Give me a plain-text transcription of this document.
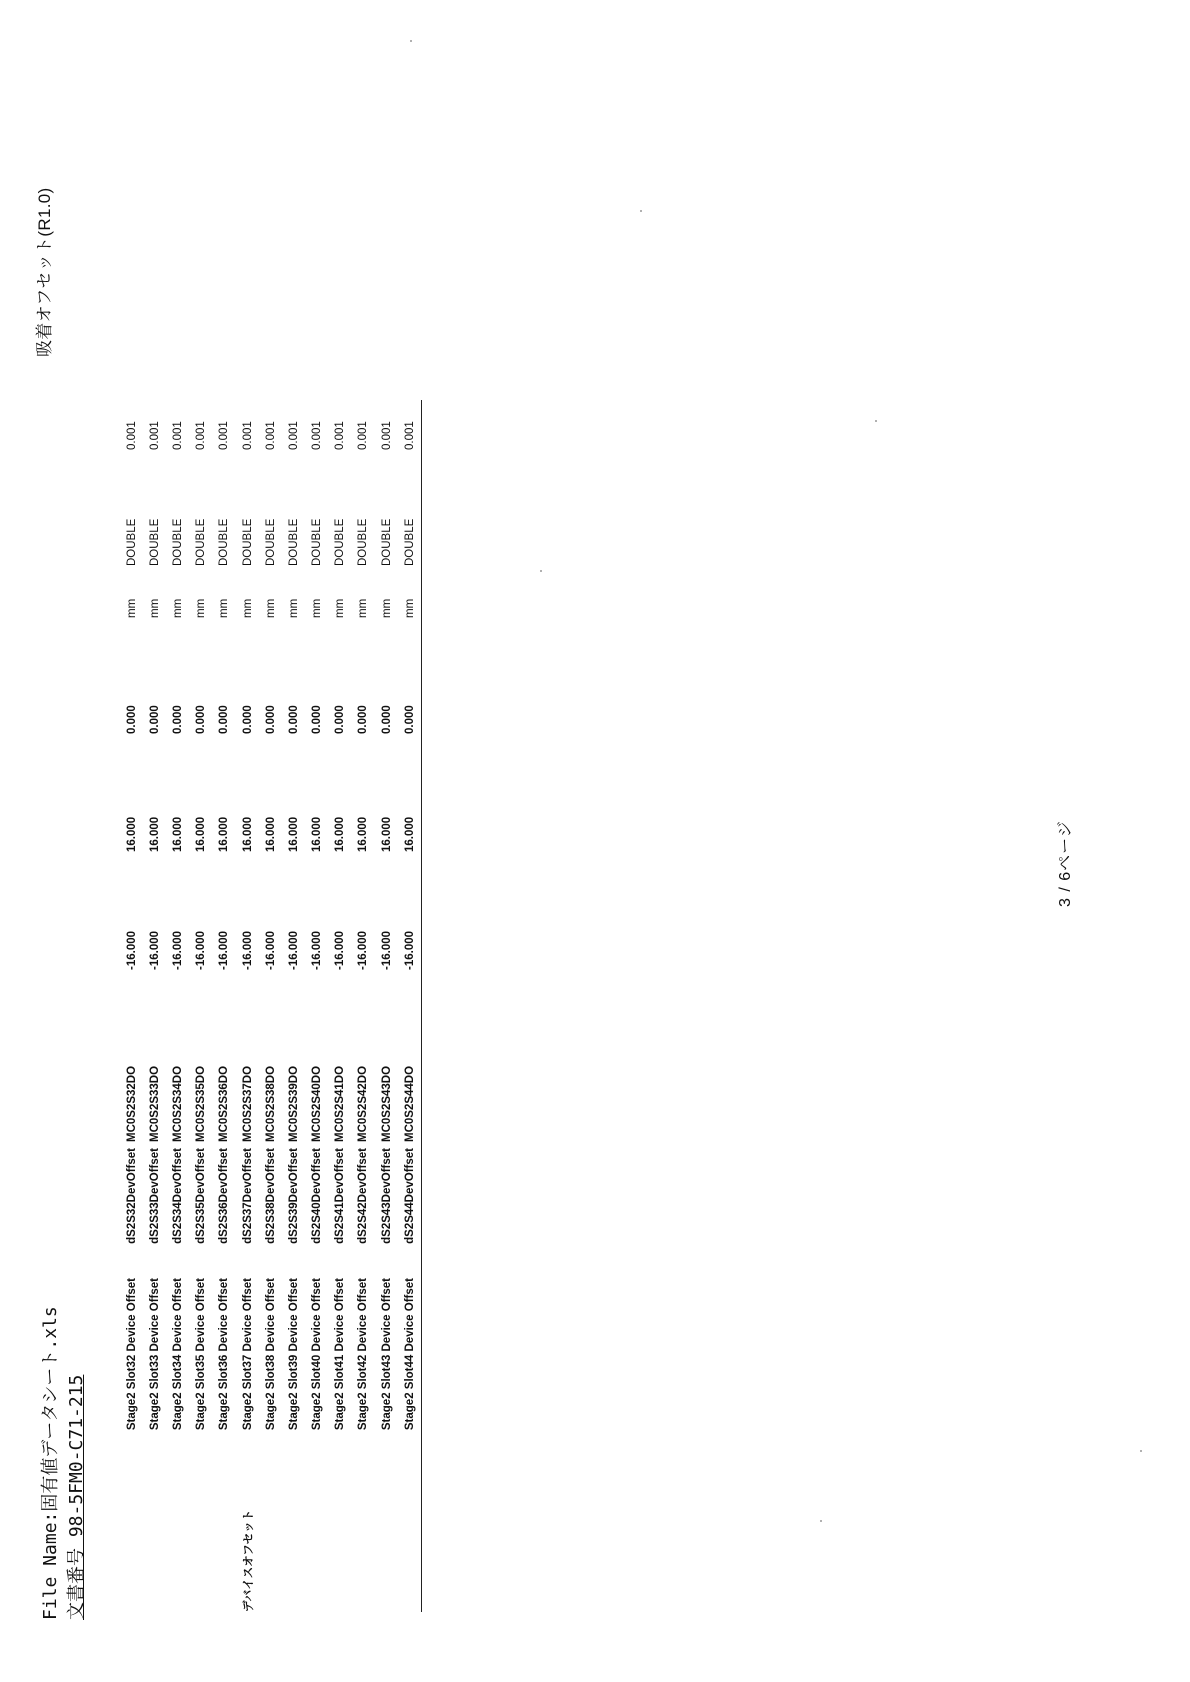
吸着オフセット(R1.0)
File Name:固有値データシート.xls 文書番号 98-5FM0-C71-215
	Stage2 Slot32 Device Offset	dS2S32DevOffset	MC0S2S32DO	-16.000	16.000	0.000	mm	DOUBLE	0.001
	Stage2 Slot33 Device Offset	dS2S33DevOffset	MC0S2S33DO	-16.000	16.000	0.000	mm	DOUBLE	0.001
	Stage2 Slot34 Device Offset	dS2S34DevOffset	MC0S2S34DO	-16.000	16.000	0.000	mm	DOUBLE	0.001
	Stage2 Slot35 Device Offset	dS2S35DevOffset	MC0S2S35DO	-16.000	16.000	0.000	mm	DOUBLE	0.001
	Stage2 Slot36 Device Offset	dS2S36DevOffset	MC0S2S36DO	-16.000	16.000	0.000	mm	DOUBLE	0.001
デバイスオフセット	Stage2 Slot37 Device Offset	dS2S37DevOffset	MC0S2S37DO	-16.000	16.000	0.000	mm	DOUBLE	0.001
	Stage2 Slot38 Device Offset	dS2S38DevOffset	MC0S2S38DO	-16.000	16.000	0.000	mm	DOUBLE	0.001
	Stage2 Slot39 Device Offset	dS2S39DevOffset	MC0S2S39DO	-16.000	16.000	0.000	mm	DOUBLE	0.001
	Stage2 Slot40 Device Offset	dS2S40DevOffset	MC0S2S40DO	-16.000	16.000	0.000	mm	DOUBLE	0.001
	Stage2 Slot41 Device Offset	dS2S41DevOffset	MC0S2S41DO	-16.000	16.000	0.000	mm	DOUBLE	0.001
	Stage2 Slot42 Device Offset	dS2S42DevOffset	MC0S2S42DO	-16.000	16.000	0.000	mm	DOUBLE	0.001
	Stage2 Slot43 Device Offset	dS2S43DevOffset	MC0S2S43DO	-16.000	16.000	0.000	mm	DOUBLE	0.001
	Stage2 Slot44 Device Offset	dS2S44DevOffset	MC0S2S44DO	-16.000	16.000	0.000	mm	DOUBLE	0.001
3 / 6ページ
